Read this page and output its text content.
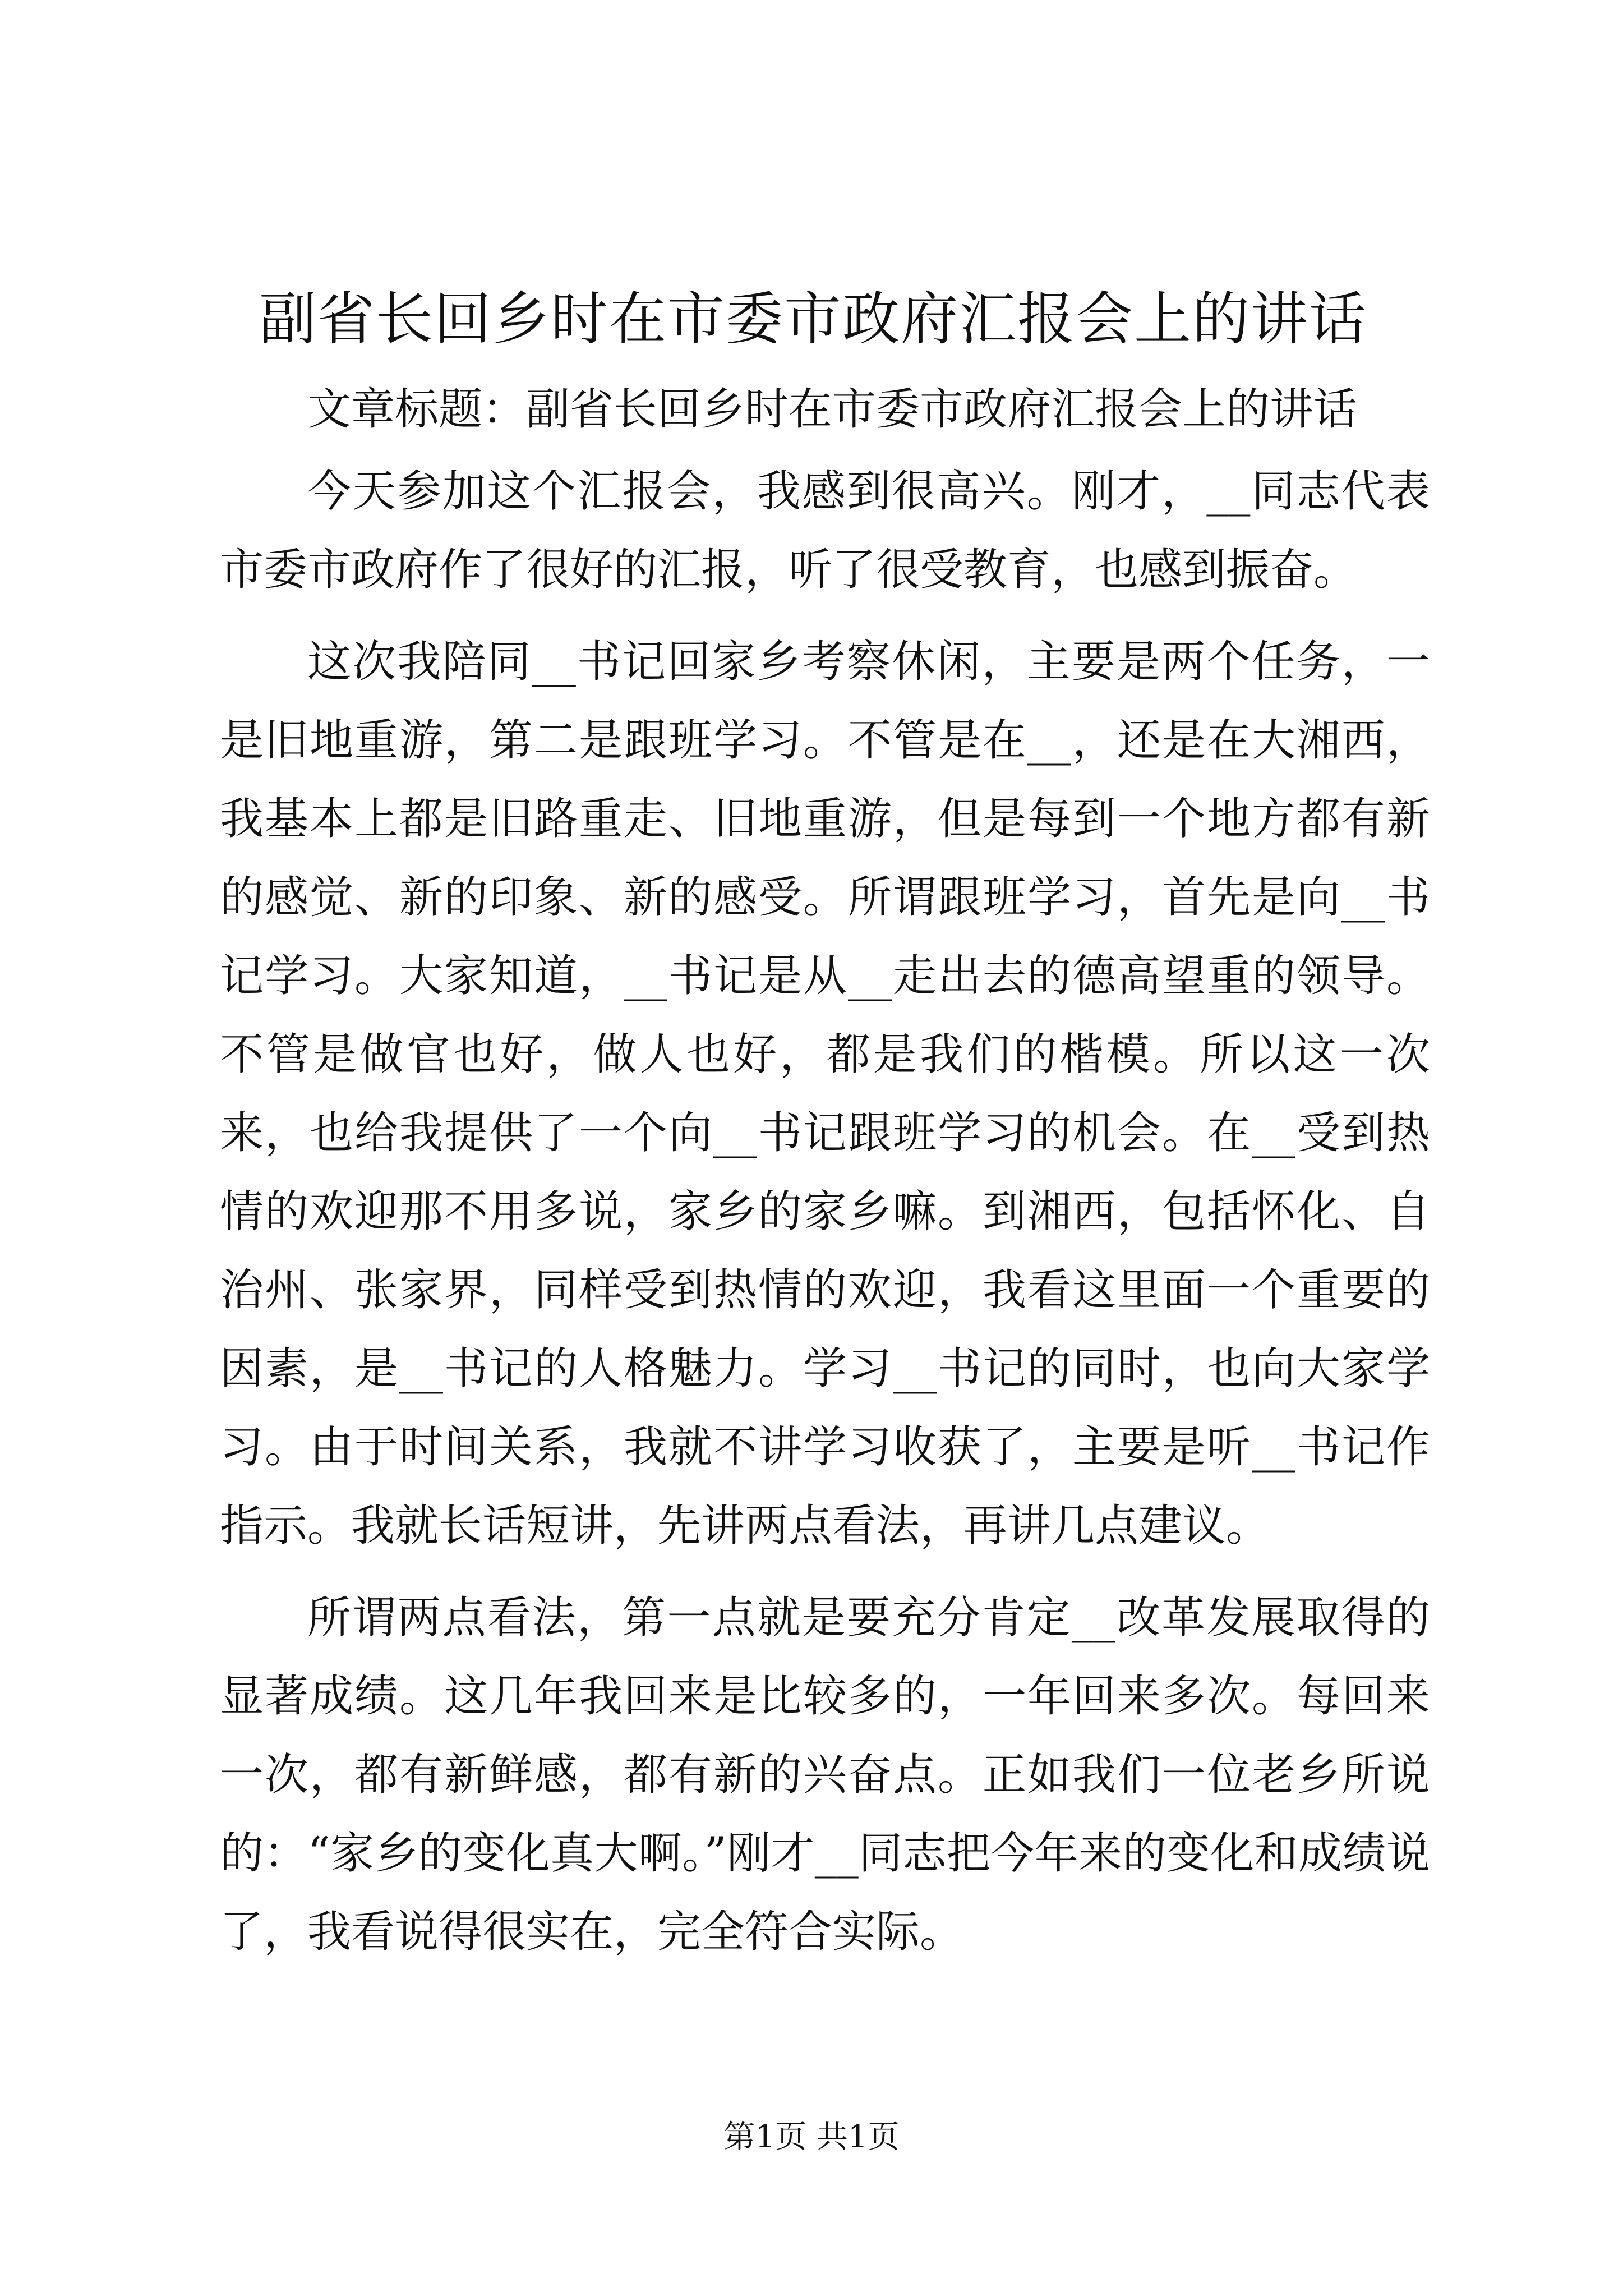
副省长回乡时在市委市政府汇报会上的讲话

文章标题：副省长回乡时在市委市政府汇报会上的讲话

今天参加这个汇报会，我感到很高兴。刚才，__同志代表市委市政府作了很好的汇报，听了很受教育，也感到振奋。

这次我陪同__书记回家乡考察休闲，主要是两个任务，一是旧地重游，第二是跟班学习。不管是在__，还是在大湘西，我基本上都是旧路重走、旧地重游，但是每到一个地方都有新的感觉、新的印象、新的感受。所谓跟班学习，首先是向__书记学习。大家知道，__书记是从__走出去的德高望重的领导。不管是做官也好，做人也好，都是我们的楷模。所以这一次来，也给我提供了一个向__书记跟班学习的机会。在__受到热情的欢迎那不用多说，家乡的家乡嘛。到湘西，包括怀化、自治州、张家界，同样受到热情的欢迎，我看这里面一个重要的因素，是__书记的人格魅力。学习__书记的同时，也向大家学习。由于时间关系，我就不讲学习收获了，主要是听__书记作指示。我就长话短讲，先讲两点看法，再讲几点建议。

所谓两点看法，第一点就是要充分肯定__改革发展取得的显著成绩。这几年我回来是比较多的，一年回来多次。每回来一次，都有新鲜感，都有新的兴奋点。正如我们一位老乡所说的：“家乡的变化真大啊。”刚才__同志把今年来的变化和成绩说了，我看说得很实在，完全符合实际。

第1页 共1页
